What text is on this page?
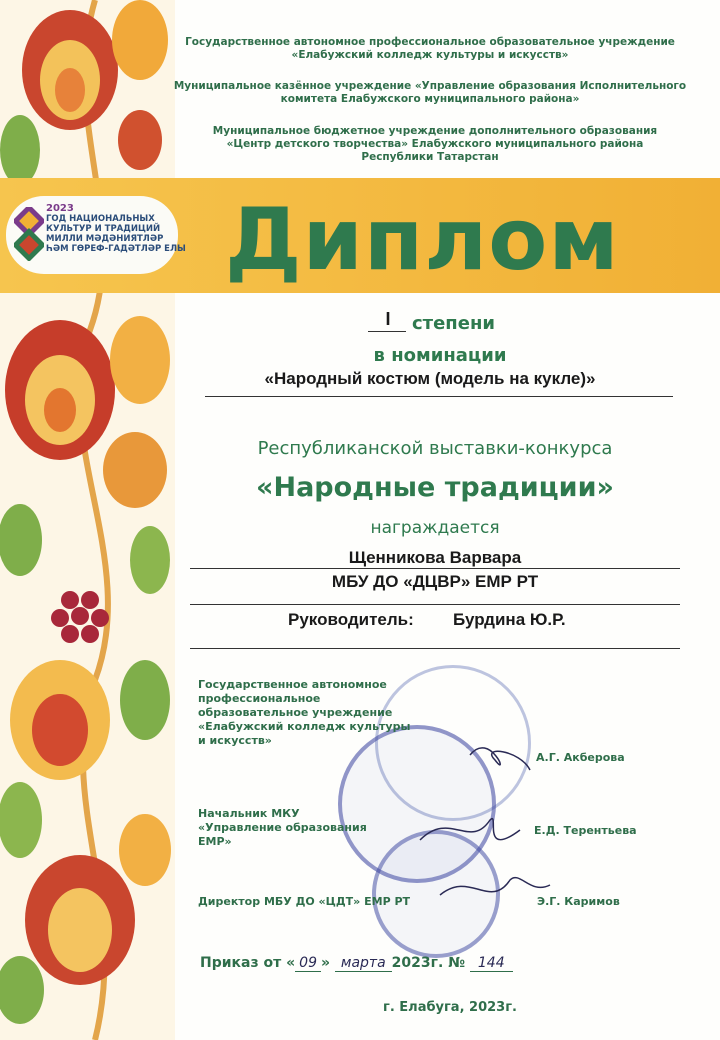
Государственное автономное профессиональное образовательное учреждение «Елабужский колледж культуры и искусств»
Муниципальное казённое учреждение «Управление образования Исполнительного комитета Елабужского муниципального района»
Муниципальное бюджетное учреждение дополнительного образования «Центр детского творчества» Елабужского муниципального района
Республики Татарстан
Диплом
2023
ГОД НАЦИОНАЛЬНЫХ
КУЛЬТУР И ТРАДИЦИЙ
МИЛЛИ МӘДӘНИЯТЛӘР
ҺӘМ ГӨРЕФ-ГАДӘТЛӘР ЕЛЫ
I	степени
в номинации
«Народный костюм (модель на кукле)»
Республиканской выставки-конкурса
«Народные традиции»
награждается
Щенникова Варвара
МБУ ДО «ДЦВР» ЕМР РТ
Руководитель: Бурдина Ю.Р.
Государственное автономное профессиональное образовательное учреждение «Елабужский колледж культуры и искусств»
А.Г. Акберова
Начальник МКУ «Управление образования ЕМР»
Е.Д. Терентьева
Директор МБУ ДО «ЦДТ» ЕМР РТ	Э.Г. Каримов
Приказ от « 09 » марта 2023г. № 144
г. Елабуга, 2023г.
